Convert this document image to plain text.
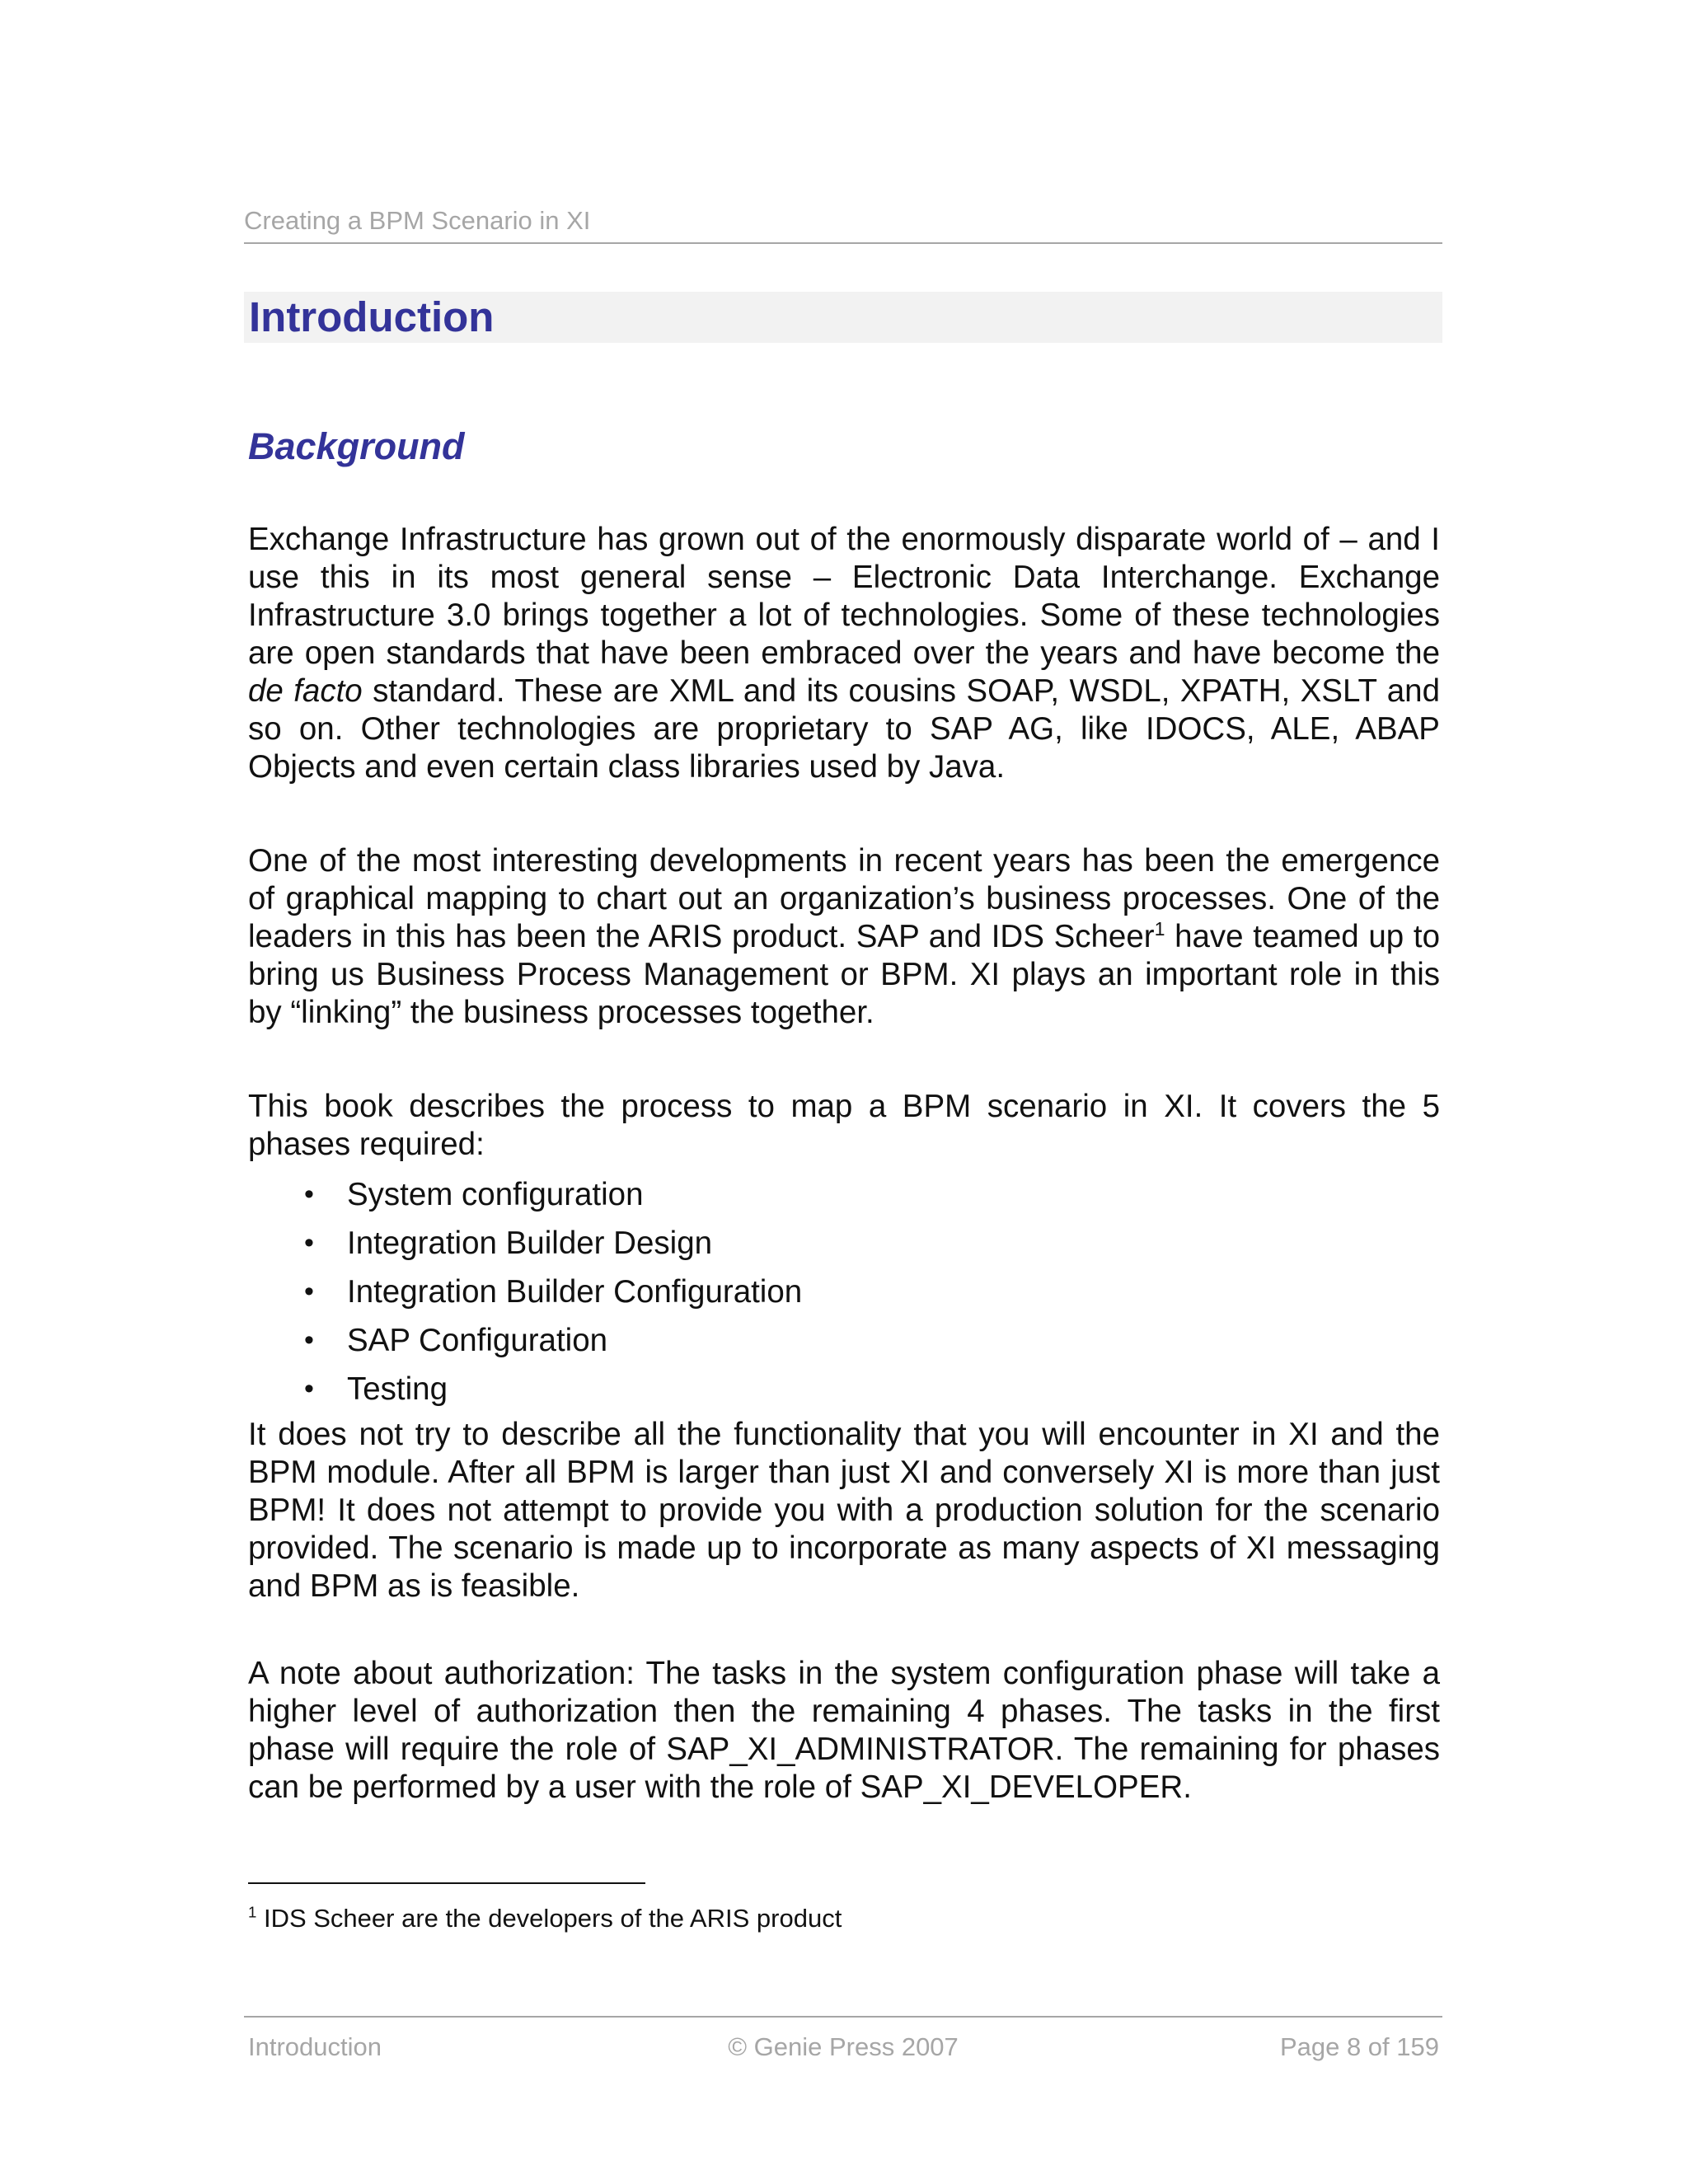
Creating a BPM Scenario in XI
Introduction
Background

Exchange Infrastructure has grown out of the enormously disparate world of – and I use this in its most general sense – Electronic Data Interchange. Exchange Infrastructure 3.0 brings together a lot of technologies. Some of these technologies are open standards that have been embraced over the years and have become the de facto standard. These are XML and its cousins SOAP, WSDL, XPATH, XSLT and so on. Other technologies are proprietary to SAP AG, like IDOCS, ALE, ABAP Objects and even certain class libraries used by Java.

One of the most interesting developments in recent years has been the emergence of graphical mapping to chart out an organization’s business processes. One of the leaders in this has been the ARIS product. SAP and IDS Scheer$^1$ have teamed up to bring us Business Process Management or BPM. XI plays an important role in this by “linking” the business processes together.

This book describes the process to map a BPM scenario in XI. It covers the 5 phases required:

• System configuration
• Integration Builder Design
• Integration Builder Configuration
• SAP Configuration
• Testing

It does not try to describe all the functionality that you will encounter in XI and the BPM module. After all BPM is larger than just XI and conversely XI is more than just BPM! It does not attempt to provide you with a production solution for the scenario provided. The scenario is made up to incorporate as many aspects of XI messaging and BPM as is feasible.

A note about authorization: The tasks in the system configuration phase will take a higher level of authorization then the remaining 4 phases. The tasks in the first phase will require the role of SAP_XI_ADMINISTRATOR. The remaining for phases can be performed by a user with the role of SAP_XI_DEVELOPER.

$^1$ IDS Scheer are the developers of the ARIS product
Introduction	© Genie Press 2007	Page 8 of 159
